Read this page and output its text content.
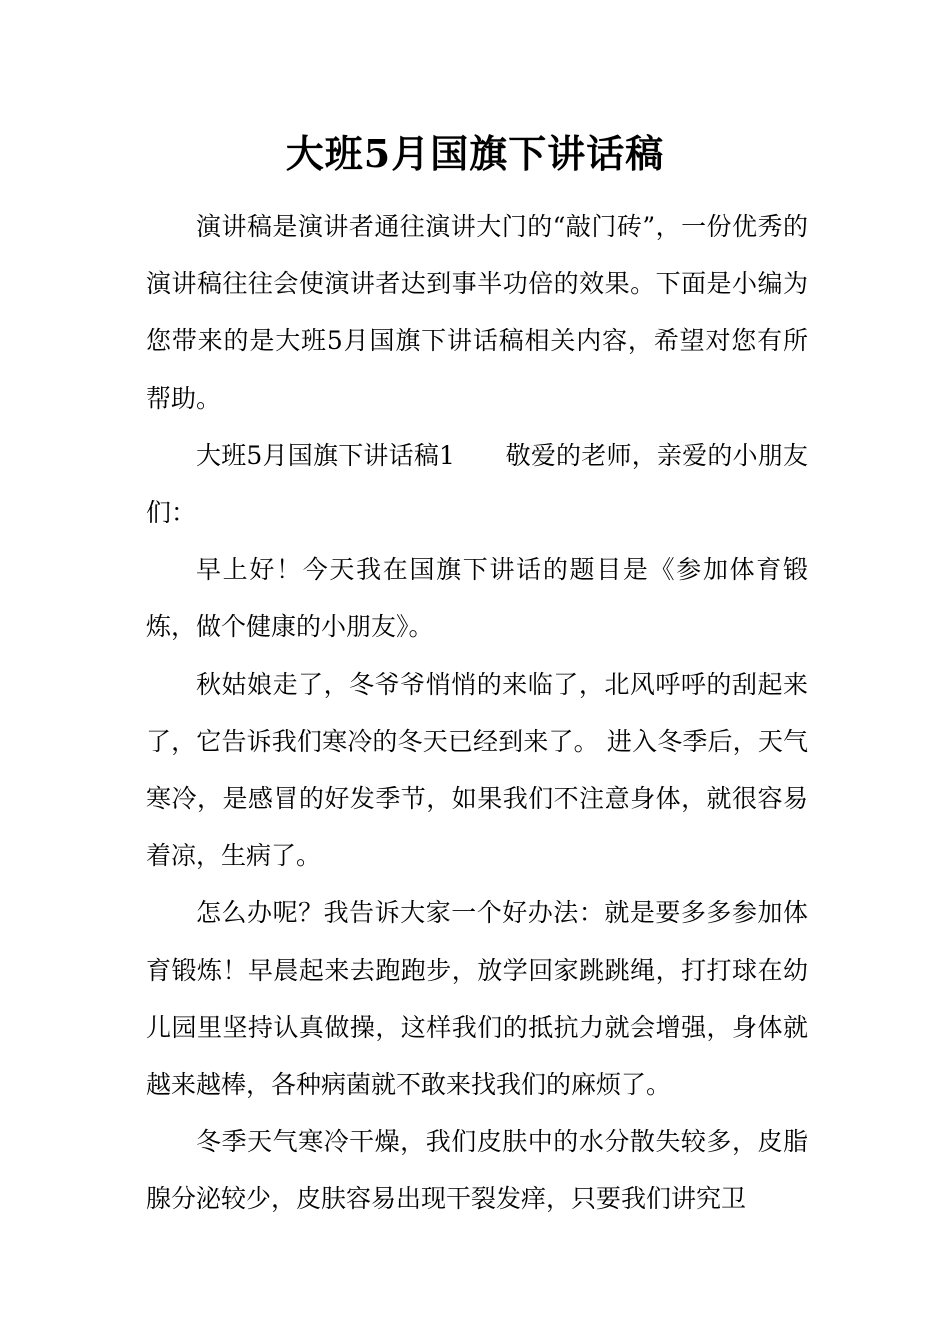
大班5月国旗下讲话稿

演讲稿是演讲者通往演讲大门的“敲门砖”，一份优秀的演讲稿往往会使演讲者达到事半功倍的效果。下面是小编为您带来的是大班5月国旗下讲话稿相关内容，希望对您有所帮助。

大班5月国旗下讲话稿1　　敬爱的老师，亲爱的小朋友们：

早上好！今天我在国旗下讲话的题目是《参加体育锻炼，做个健康的小朋友》。

秋姑娘走了，冬爷爷悄悄的来临了，北风呼呼的刮起来了，它告诉我们寒冷的冬天已经到来了。 进入冬季后，天气寒冷，是感冒的好发季节，如果我们不注意身体，就很容易着凉，生病了。

怎么办呢？我告诉大家一个好办法：就是要多多参加体育锻炼！早晨起来去跑跑步，放学回家跳跳绳，打打球在幼儿园里坚持认真做操，这样我们的抵抗力就会增强，身体就越来越棒，各种病菌就不敢来找我们的麻烦了。

冬季天气寒冷干燥，我们皮肤中的水分散失较多，皮脂腺分泌较少，皮肤容易出现干裂发痒，只要我们讲究卫
